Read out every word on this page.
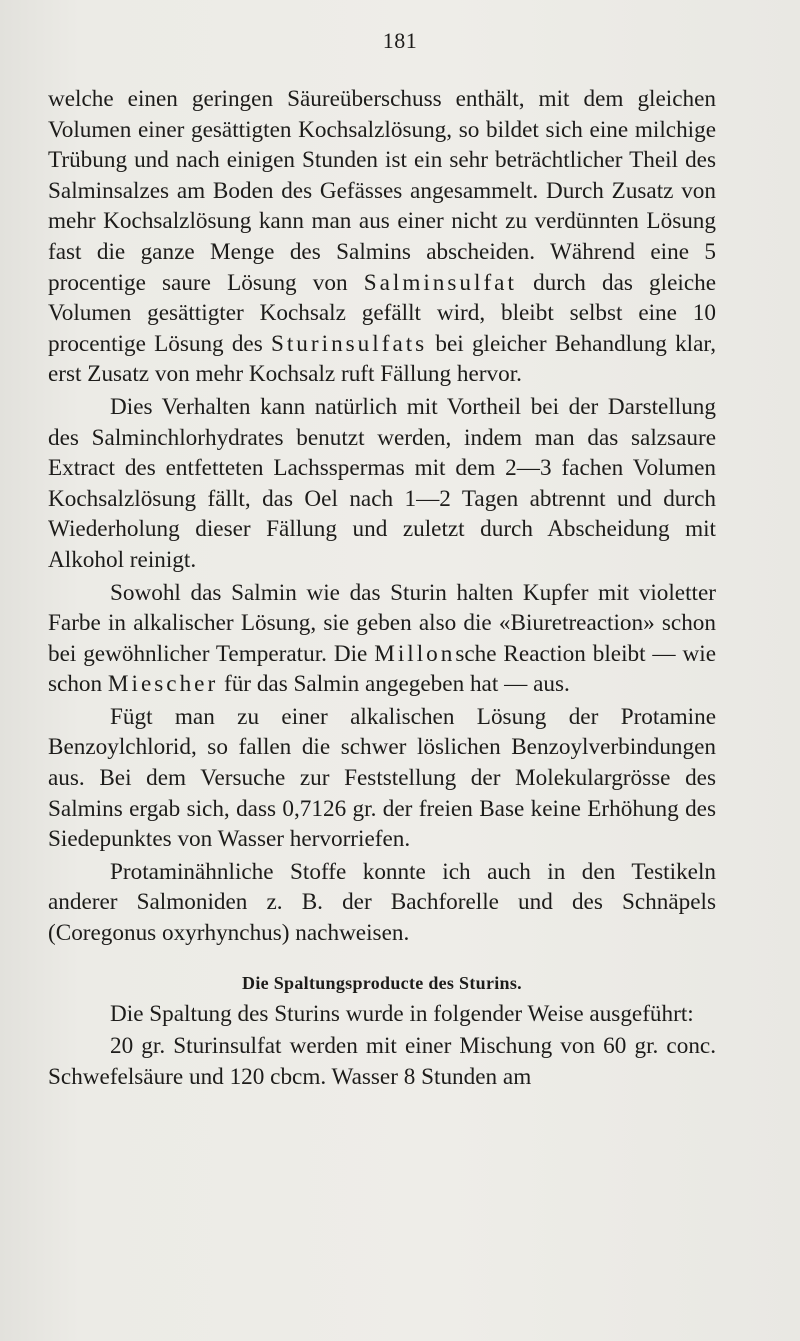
181

welche einen geringen Säureüberschuss enthält, mit dem gleichen Volumen einer gesättigten Kochsalzlösung, so bildet sich eine milchige Trübung und nach einigen Stunden ist ein sehr beträchtlicher Theil des Salminsalzes am Boden des Gefässes angesammelt. Durch Zusatz von mehr Kochsalzlösung kann man aus einer nicht zu verdünnten Lösung fast die ganze Menge des Salmins abscheiden. Während eine 5 procentige saure Lösung von Salminsulfat durch das gleiche Volumen gesättigter Kochsalz gefällt wird, bleibt selbst eine 10 procentige Lösung des Sturinsulfats bei gleicher Behandlung klar, erst Zusatz von mehr Kochsalz ruft Fällung hervor.

Dies Verhalten kann natürlich mit Vortheil bei der Darstellung des Salminchlorhydrates benutzt werden, indem man das salzsaure Extract des entfetteten Lachsspermas mit dem 2—3 fachen Volumen Kochsalzlösung fällt, das Oel nach 1—2 Tagen abtrennt und durch Wiederholung dieser Fällung und zuletzt durch Abscheidung mit Alkohol reinigt.

Sowohl das Salmin wie das Sturin halten Kupfer mit violetter Farbe in alkalischer Lösung, sie geben also die «Biuretreaction» schon bei gewöhnlicher Temperatur. Die Millonsche Reaction bleibt — wie schon Miescher für das Salmin angegeben hat — aus.

Fügt man zu einer alkalischen Lösung der Protamine Benzoylchlorid, so fallen die schwer löslichen Benzoylverbindungen aus. Bei dem Versuche zur Feststellung der Molekulargrösse des Salmins ergab sich, dass 0,7126 gr. der freien Base keine Erhöhung des Siedepunktes von Wasser hervorriefen.

Protaminähnliche Stoffe konnte ich auch in den Testikeln anderer Salmoniden z. B. der Bachforelle und des Schnäpels (Coregonus oxyrhynchus) nachweisen.

Die Spaltungsproducte des Sturins.

Die Spaltung des Sturins wurde in folgender Weise ausgeführt:

20 gr. Sturinsulfat werden mit einer Mischung von 60 gr. conc. Schwefelsäure und 120 cbcm. Wasser 8 Stunden am
